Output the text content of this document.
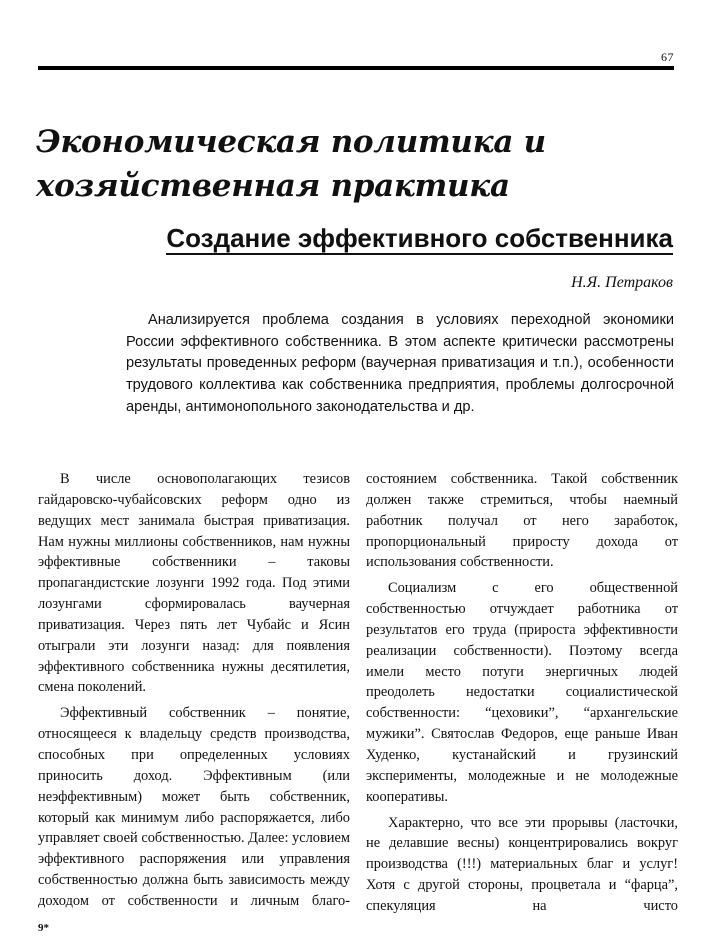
67
Экономическая политика и
хозяйственная практика
Создание эффективного собственника
Н.Я. Петраков

Анализируется проблема создания в условиях переходной экономики России эффективного собственника. В этом аспекте критически рассмотрены результаты проведенных реформ (ваучерная приватизация и т.п.), особенности трудового коллектива как собственника предприятия, проблемы долгосрочной аренды, антимонопольного законодательства и др.

В числе основополагающих тезисов гайдаровско-чубайсовских реформ одно из ведущих мест занимала быстрая приватизация. Нам нужны миллионы собственников, нам нужны эффективные собственники – таковы пропагандистские лозунги 1992 года. Под этими лозунгами сформировалась ваучерная приватизация. Через пять лет Чубайс и Ясин отыграли эти лозунги назад: для появления эффективного собственника нужны десятилетия, смена поколений.

Эффективный собственник – понятие, относящееся к владельцу средств производства, способных при определенных условиях приносить доход. Эффективным (или неэффективным) может быть собственник, который как минимум либо распоряжается, либо управляет своей собственностью. Далее: условием эффективного распоряжения или управления собственностью должна быть зависимость между доходом от собственности и личным благо-

состоянием собственника. Такой собственник должен также стремиться, чтобы наемный работник получал от него заработок, пропорциональный приросту дохода от использования собственности.

Социализм с его общественной собственностью отчуждает работника от результатов его труда (прироста эффективности реализации собственности). Поэтому всегда имели место потуги энергичных людей преодолеть недостатки социалистической собственности: “цеховики”, “архангельские мужики”. Святослав Федоров, еще раньше Иван Худенко, кустанайский и грузинский эксперименты, молодежные и не молодежные кооперативы.

Характерно, что все эти прорывы (ласточки, не делавшие весны) концентрировались вокруг производства (!!!) материальных благ и услуг! Хотя с другой стороны, процветала и “фарца”, спекуляция на чисто

9*
